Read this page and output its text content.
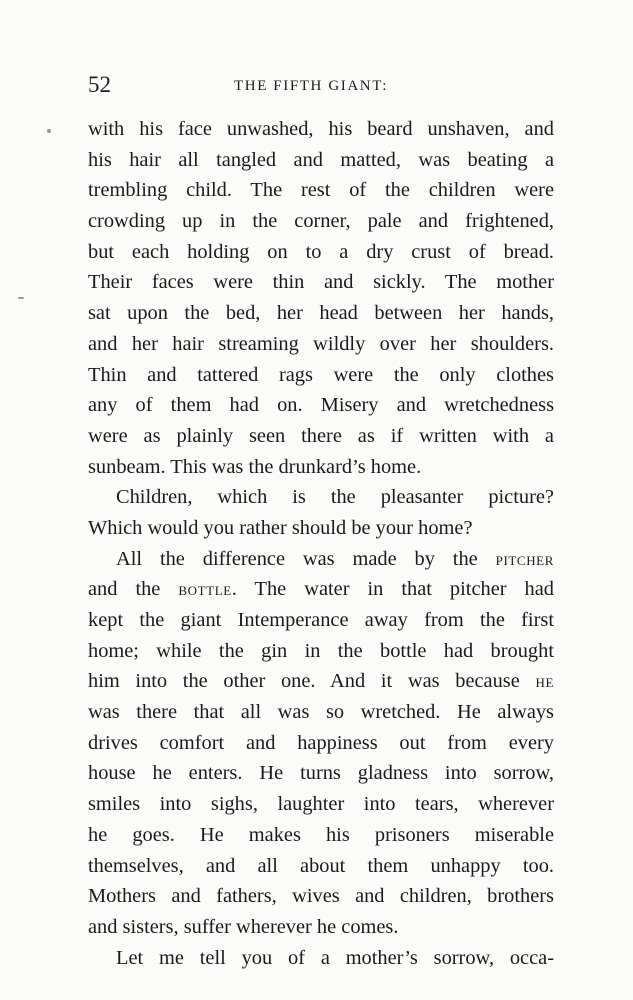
52	THE FIFTH GIANT:
with his face unwashed, his beard unshaven, and
his hair all tangled and matted, was beating a
trembling child. The rest of the children were
crowding up in the corner, pale and frightened,
but each holding on to a dry crust of bread.
Their faces were thin and sickly. The mother
sat upon the bed, her head between her hands,
and her hair streaming wildly over her shoulders.
Thin and tattered rags were the only clothes
any of them had on. Misery and wretchedness
were as plainly seen there as if written with a
sunbeam. This was the drunkard’s home.
Children, which is the pleasanter picture?
Which would you rather should be your home?
All the difference was made by the pitcher
and the bottle. The water in that pitcher had
kept the giant Intemperance away from the first
home; while the gin in the bottle had brought
him into the other one. And it was because he
was there that all was so wretched. He always
drives comfort and happiness out from every
house he enters. He turns gladness into sorrow,
smiles into sighs, laughter into tears, wherever
he goes. He makes his prisoners miserable
themselves, and all about them unhappy too.
Mothers and fathers, wives and children, brothers
and sisters, suffer wherever he comes.
Let me tell you of a mother’s sorrow, occa-
